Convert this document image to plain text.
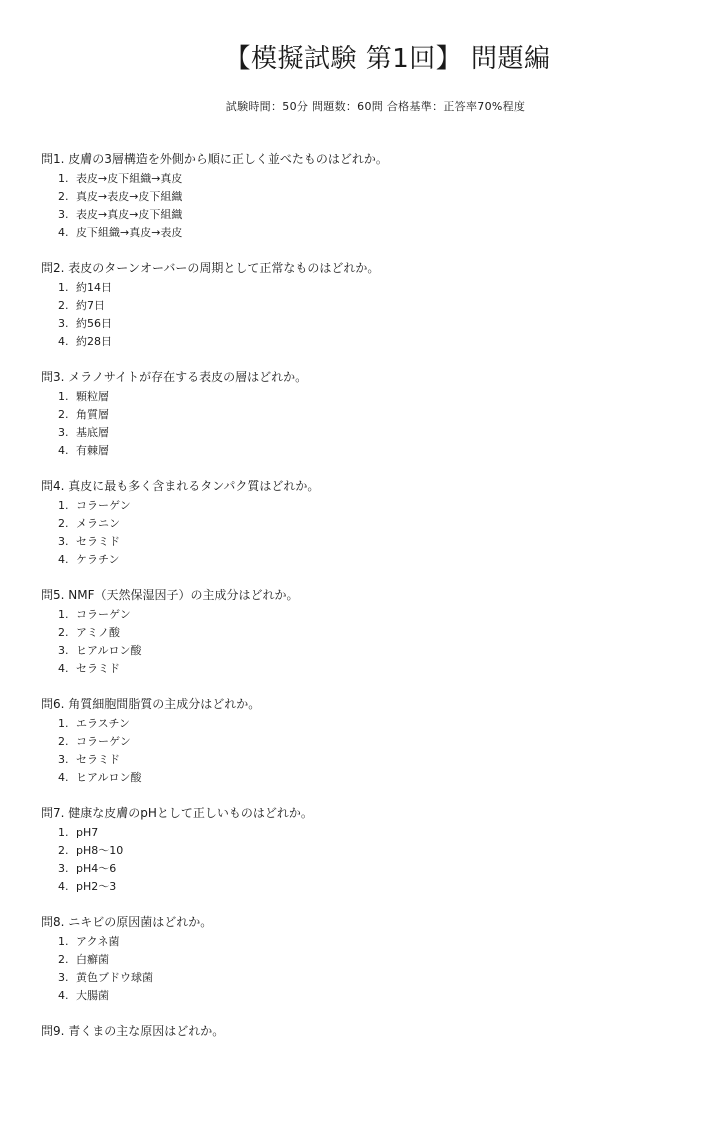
【模擬試験 第1回】 問題編
試験時間：50分 問題数：60問 合格基準：正答率70%程度
問1. 皮膚の3層構造を外側から順に正しく並べたものはどれか。
1. 表皮→皮下組織→真皮
2. 真皮→表皮→皮下組織
3. 表皮→真皮→皮下組織
4. 皮下組織→真皮→表皮
問2. 表皮のターンオーバーの周期として正常なものはどれか。
1. 約14日
2. 約7日
3. 約56日
4. 約28日
問3. メラノサイトが存在する表皮の層はどれか。
1. 顆粒層
2. 角質層
3. 基底層
4. 有棘層
問4. 真皮に最も多く含まれるタンパク質はどれか。
1. コラーゲン
2. メラニン
3. セラミド
4. ケラチン
問5. NMF（天然保湿因子）の主成分はどれか。
1. コラーゲン
2. アミノ酸
3. ヒアルロン酸
4. セラミド
問6. 角質細胞間脂質の主成分はどれか。
1. エラスチン
2. コラーゲン
3. セラミド
4. ヒアルロン酸
問7. 健康な皮膚のpHとして正しいものはどれか。
1. pH7
2. pH8〜10
3. pH4〜6
4. pH2〜3
問8. ニキビの原因菌はどれか。
1. アクネ菌
2. 白癬菌
3. 黄色ブドウ球菌
4. 大腸菌
問9. 青くまの主な原因はどれか。
